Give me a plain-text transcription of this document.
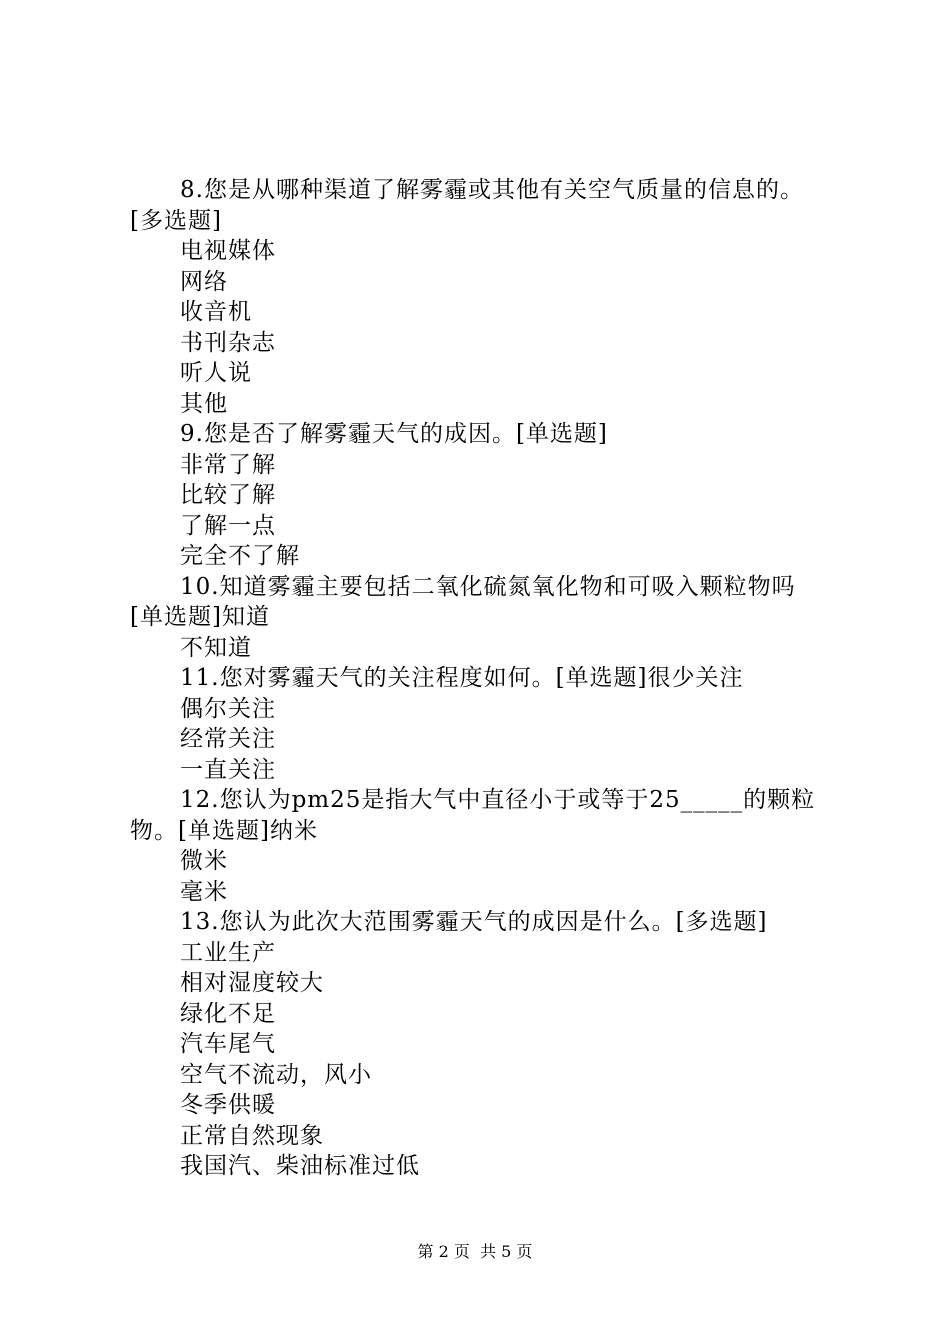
8.您是从哪种渠道了解雾霾或其他有关空气质量的信息的。
[多选题]
电视媒体
网络
收音机
书刊杂志
听人说
其他
9.您是否了解雾霾天气的成因。[单选题]
非常了解
比较了解
了解一点
完全不了解
10.知道雾霾主要包括二氧化硫氮氧化物和可吸入颗粒物吗
[单选题]知道
不知道
11.您对雾霾天气的关注程度如何。[单选题]很少关注
偶尔关注
经常关注
一直关注
12.您认为pm25是指大气中直径小于或等于25_____的颗粒
物。[单选题]纳米
微米
毫米
13.您认为此次大范围雾霾天气的成因是什么。[多选题]
工业生产
相对湿度较大
绿化不足
汽车尾气
空气不流动，风小
冬季供暖
正常自然现象
我国汽、柴油标准过低
第 2 页  共 5 页
